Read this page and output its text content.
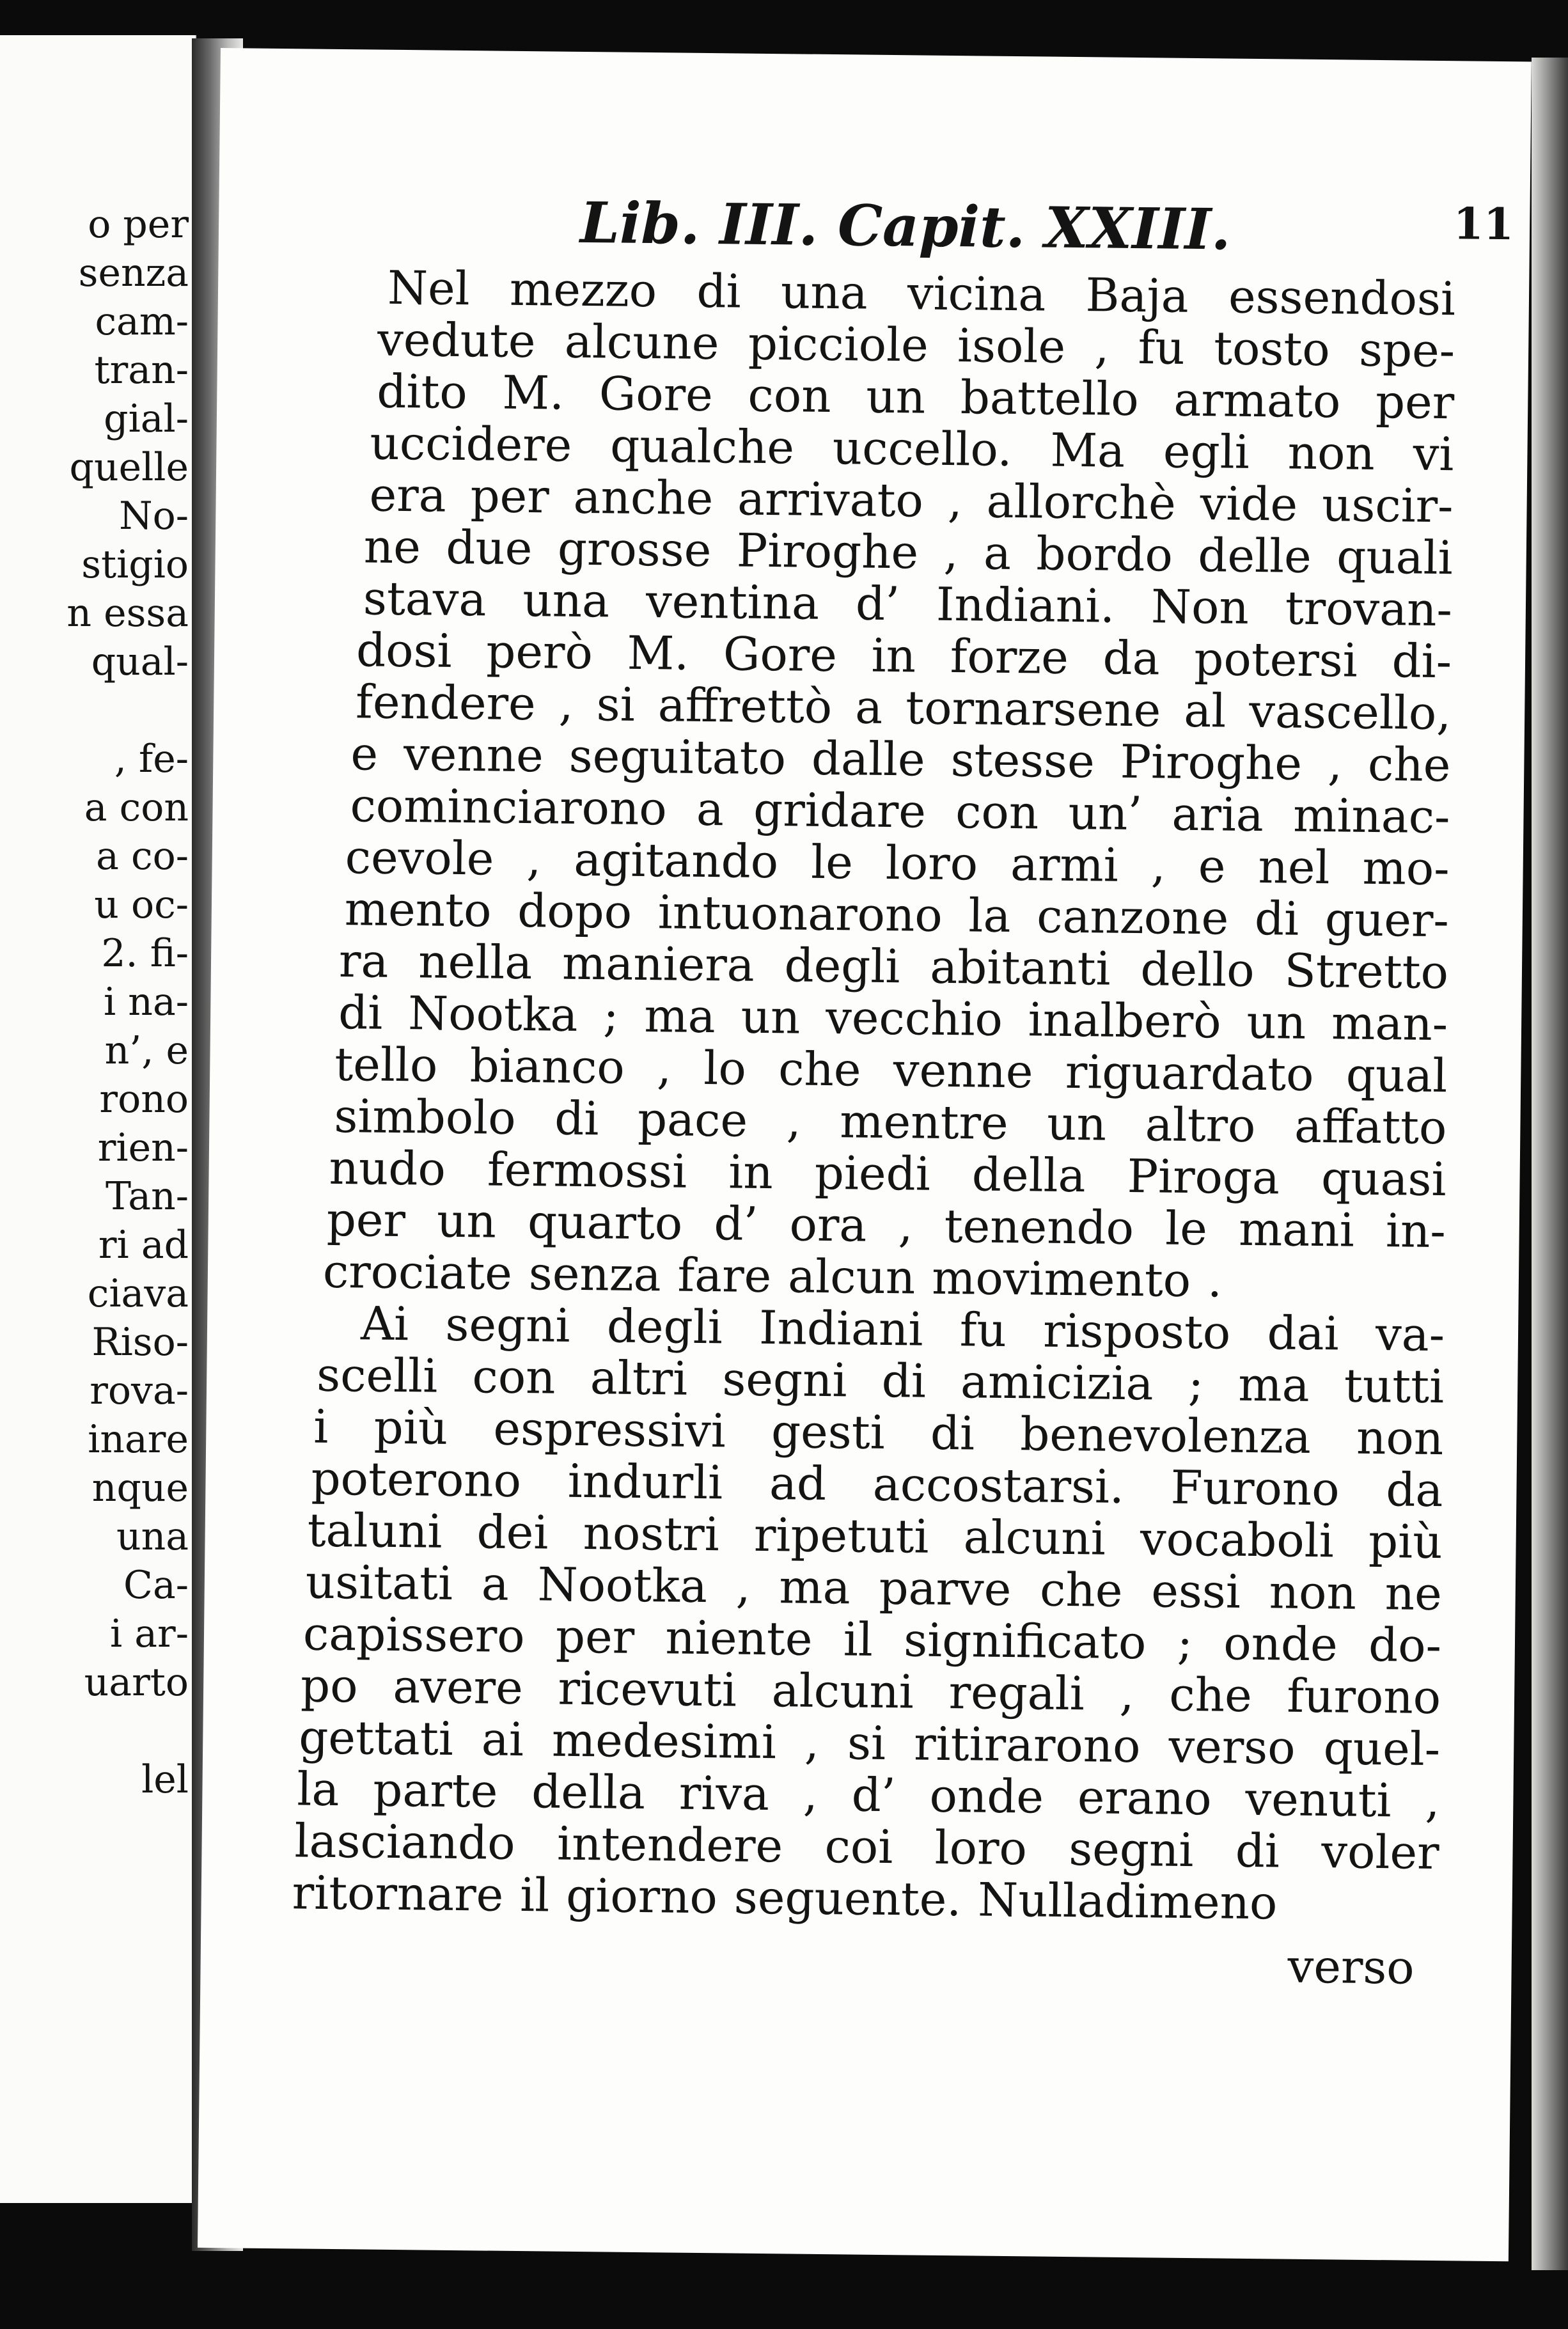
o per
senza
cam-
tran-
gial-
quelle
No-
stigio
n essa
qual-
, fe-
a con
a co-
u oc-
2. fi-
i na-
n’, e
rono
rien-
Tan-
ri ad
ciava
Riso-
rova-
inare
nque
una
Ca-
i ar-
uarto
lel
Lib. III. Capit. XXIII.	11
Nel mezzo di una vicina Baja essendosi
vedute alcune picciole isole , fu tosto spe-
dito M. Gore con un battello armato per
uccidere qualche uccello. Ma egli non vi
era per anche arrivato , allorchè vide uscir-
ne due grosse Piroghe , a bordo delle quali
stava una ventina d’ Indiani. Non trovan-
dosi però M. Gore in forze da potersi di-
fendere , si affrettò a tornarsene al vascello,
e venne seguitato dalle stesse Piroghe , che
cominciarono a gridare con un’ aria minac-
cevole , agitando le loro armi , e nel mo-
mento dopo intuonarono la canzone di guer-
ra nella maniera degli abitanti dello Stretto
di Nootka ; ma un vecchio inalberò un man-
tello bianco , lo che venne riguardato qual
simbolo di pace , mentre un altro affatto
nudo fermossi in piedi della Piroga quasi
per un quarto d’ ora , tenendo le mani in-
crociate senza fare alcun movimento .
Ai segni degli Indiani fu risposto dai va-
scelli con altri segni di amicizia ; ma tutti
i più espressivi gesti di benevolenza non
poterono indurli ad accostarsi. Furono da
taluni dei nostri ripetuti alcuni vocaboli più
usitati a Nootka , ma parve che essi non ne
capissero per niente il significato ; onde do-
po avere ricevuti alcuni regali , che furono
gettati ai medesimi , si ritirarono verso quel-
la parte della riva , d’ onde erano venuti ,
lasciando intendere coi loro segni di voler
ritornare il giorno seguente. Nulladimeno
verso
